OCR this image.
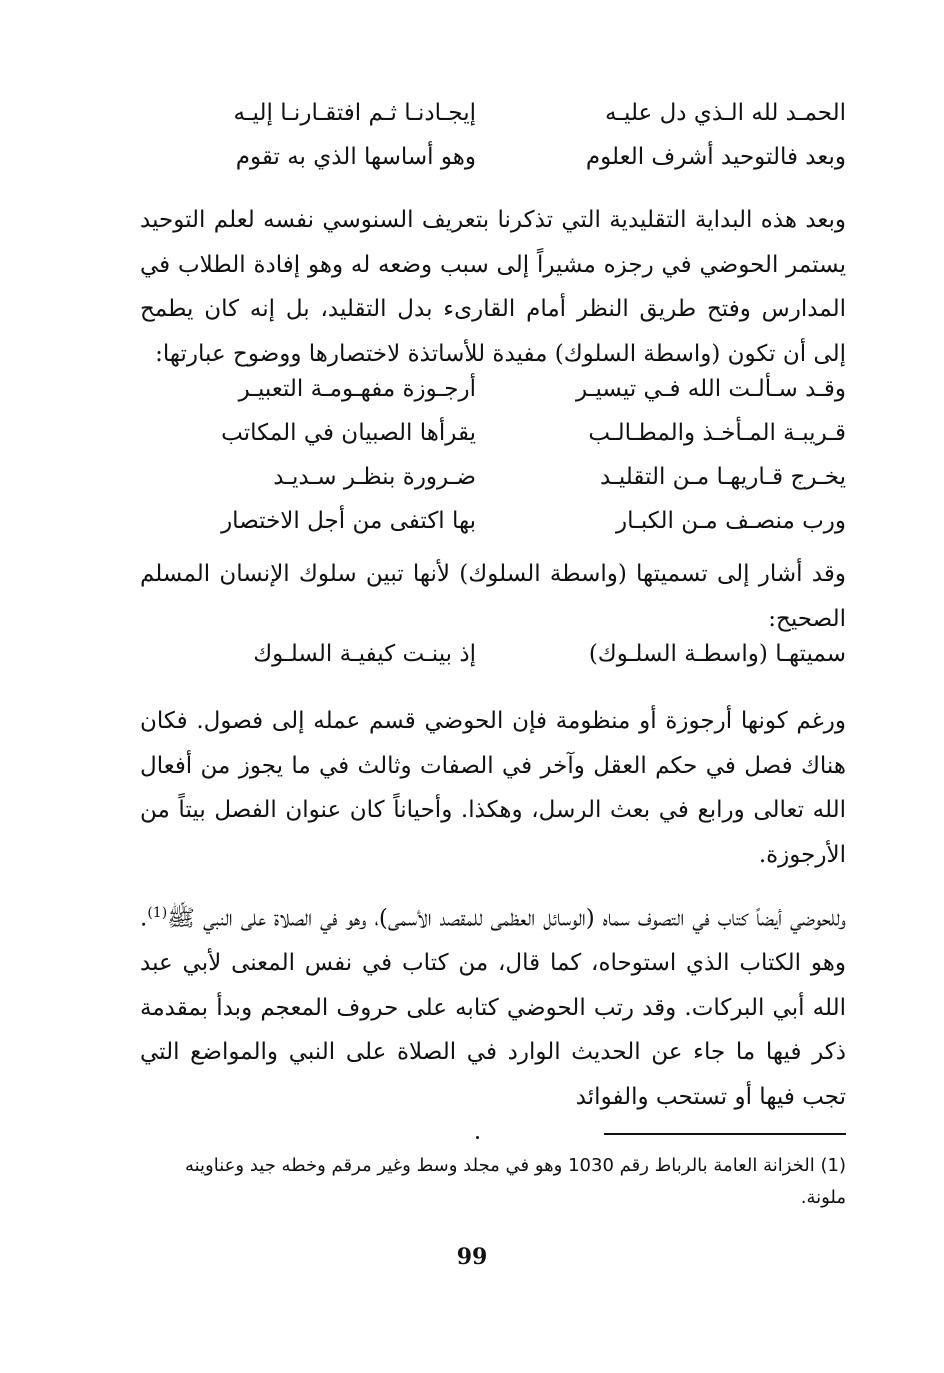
الحمـد لله الـذي دل عليـه
إيجـادنـا ثـم افتقـارنـا إليـه
وبعد فالتوحيد أشرف العلوم
وهو أساسها الذي به تقوم

وبعد هذه البداية التقليدية التي تذكرنا بتعريف السنوسي نفسه لعلم التوحيد يستمر الحوضي في رجزه مشيراً إلى سبب وضعه له وهو إفادة الطلاب في المدارس وفتح طريق النظر أمام القارىء بدل التقليد، بل إنه كان يطمح إلى أن تكون (واسطة السلوك) مفيدة للأساتذة لاختصارها ووضوح عبارتها:

وقـد سـألـت الله فـي تيسيـر
أرجـوزة مفهـومـة التعبيـر
قـريبـة المـأخـذ والمطـالـب
يقرأها الصبيان في المكاتب
يخـرج قـاريهـا مـن التقليـد
ضـرورة بنظـر سـديـد
ورب منصـف مـن الكبـار
بها اكتفى من أجل الاختصار

وقد أشار إلى تسميتها (واسطة السلوك) لأنها تبين سلوك الإنسان المسلم الصحيح:

سميتهـا (واسطـة السلـوك)
إذ بينـت كيفيـة السلـوك

ورغم كونها أرجوزة أو منظومة فإن الحوضي قسم عمله إلى فصول. فكان هناك فصل في حكم العقل وآخر في الصفات وثالث في ما يجوز من أفعال الله تعالى ورابع في بعث الرسل، وهكذا. وأحياناً كان عنوان الفصل بيتاً من الأرجوزة.

وللحوضي أيضاً كتاب في التصوف سماه (الوسائل العظمى للمقصد الأسمى)، وهو في الصلاة على النبي ﷺ$^{(1)}$. وهو الكتاب الذي استوحاه، كما قال، من كتاب في نفس المعنى لأبي عبد الله أبي البركات. وقد رتب الحوضي كتابه على حروف المعجم وبدأ بمقدمة ذكر فيها ما جاء عن الحديث الوارد في الصلاة على النبي والمواضع التي تجب فيها أو تستحب والفوائد

(1) الخزانة العامة بالرباط رقم 1030 وهو في مجلد وسط وغير مرقم وخطه جيد وعناوينه ملونة.
99
